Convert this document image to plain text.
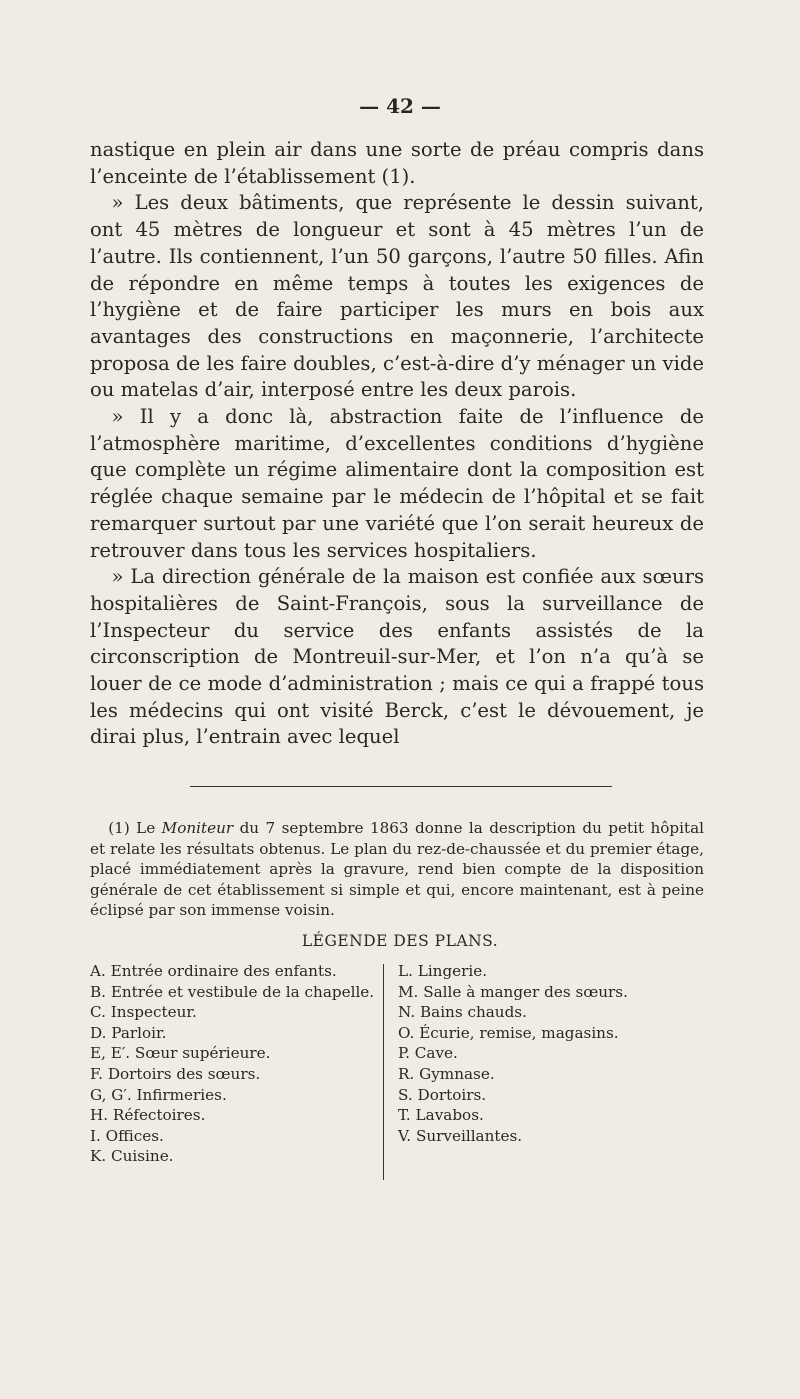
— 42 —

nastique en plein air dans une sorte de préau compris dans l’enceinte de l’établissement (1).

» Les deux bâtiments, que représente le dessin suivant, ont 45 mètres de longueur et sont à 45 mètres l’un de l’autre. Ils contiennent, l’un 50 garçons, l’autre 50 filles. Afin de répondre en même temps à toutes les exigences de l’hygiène et de faire participer les murs en bois aux avantages des constructions en maçonnerie, l’architecte proposa de les faire doubles, c’est-à-dire d’y ménager un vide ou matelas d’air, interposé entre les deux parois.

» Il y a donc là, abstraction faite de l’influence de l’atmosphère maritime, d’excellentes conditions d’hygiène que complète un régime alimentaire dont la composition est réglée chaque semaine par le médecin de l’hôpital et se fait remarquer surtout par une variété que l’on serait heureux de retrouver dans tous les services hospitaliers.

» La direction générale de la maison est confiée aux sœurs hospitalières de Saint-François, sous la surveillance de l’Inspecteur du service des enfants assistés de la circonscription de Montreuil-sur-Mer, et l’on n’a qu’à se louer de ce mode d’administration ; mais ce qui a frappé tous les médecins qui ont visité Berck, c’est le dévouement, je dirai plus, l’entrain avec lequel

(1) Le Moniteur du 7 septembre 1863 donne la description du petit hôpital et relate les résultats obtenus. Le plan du rez-de-chaussée et du premier étage, placé immédiatement après la gravure, rend bien compte de la disposition générale de cet établissement si simple et qui, encore maintenant, est à peine éclipsé par son immense voisin.

LÉGENDE DES PLANS.
A. Entrée ordinaire des enfants.
B. Entrée et vestibule de la chapelle.
C. Inspecteur.
D. Parloir.
E, E′. Sœur supérieure.
F. Dortoirs des sœurs.
G, G′. Infirmeries.
H. Réfectoires.
I. Offices.
K. Cuisine.
L. Lingerie.
M. Salle à manger des sœurs.
N. Bains chauds.
O. Écurie, remise, magasins.
P. Cave.
R. Gymnase.
S. Dortoirs.
T. Lavabos.
V. Surveillantes.
